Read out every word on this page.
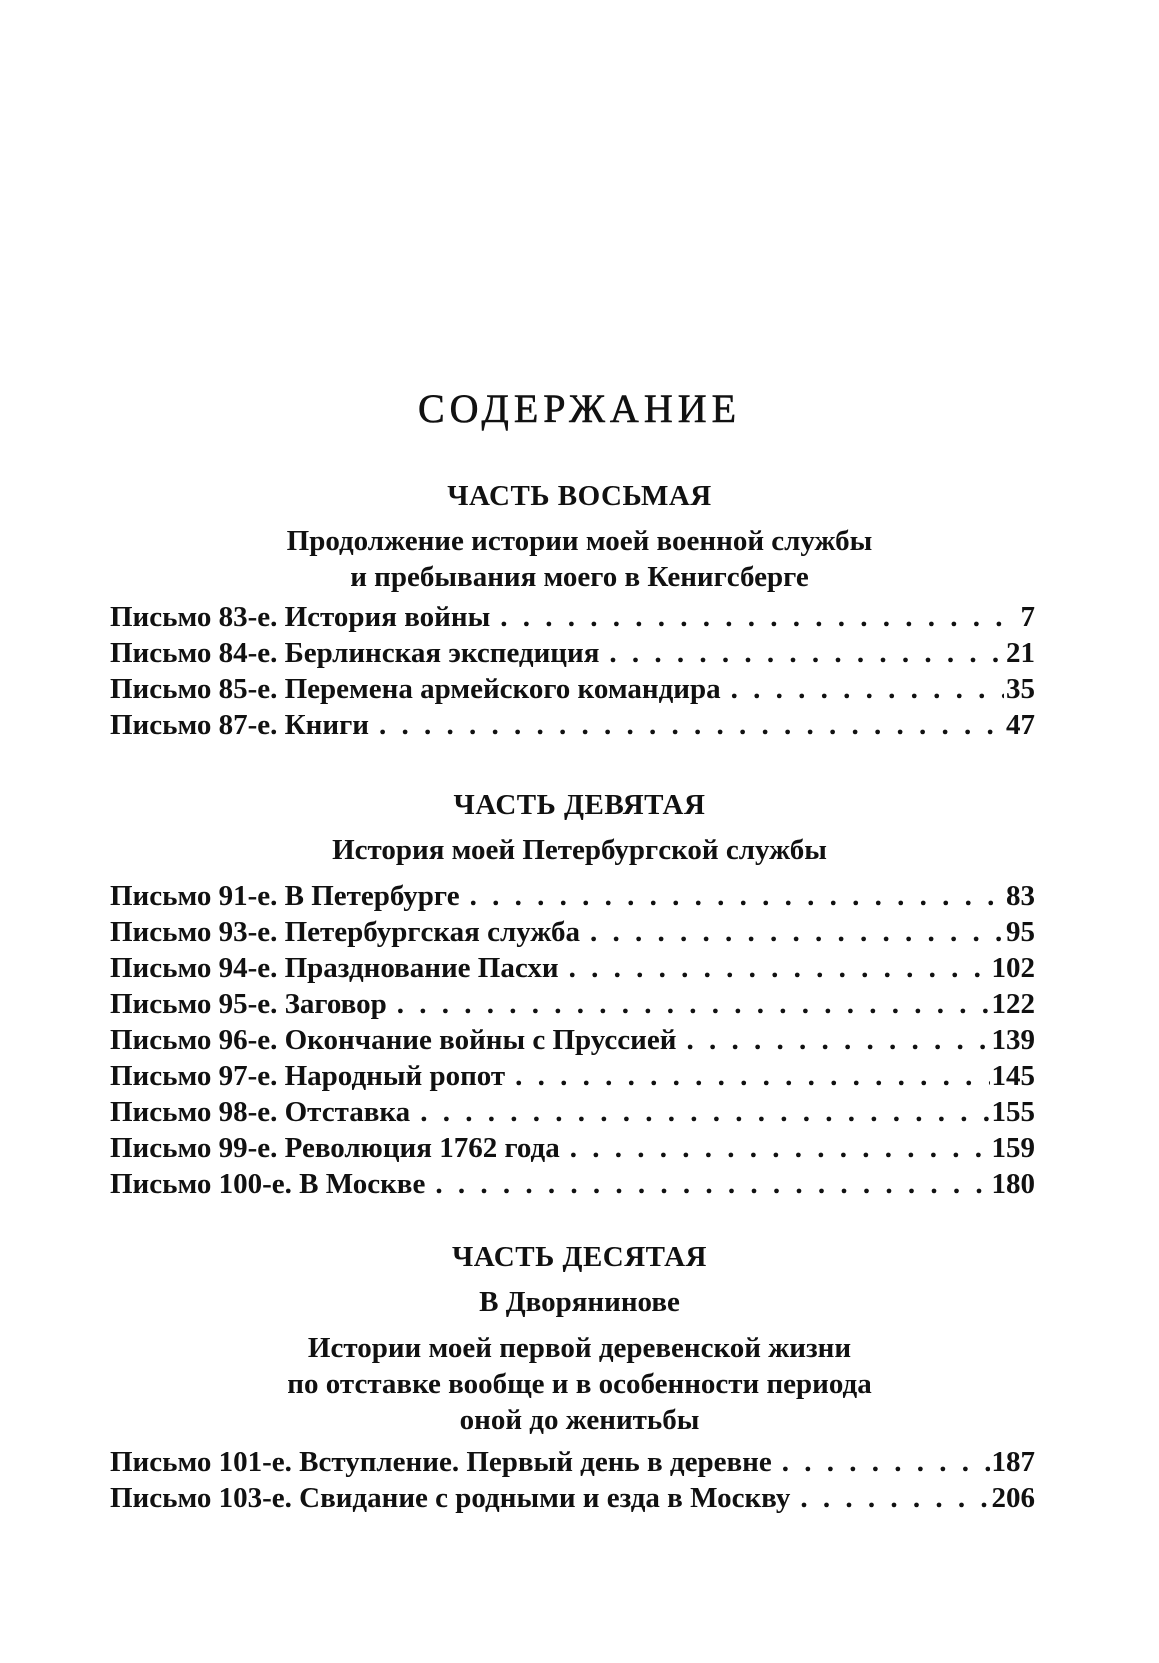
СОДЕРЖАНИЕ
ЧАСТЬ ВОСЬМАЯ
Продолжение истории моей военной службы
и пребывания моего в Кенигсберге
Письмо 83-е. История войны . . .	7
Письмо 84-е. Берлинская экспедиция . . .	21
Письмо 85-е. Перемена армейского командира . . .	35
Письмо 87-е. Книги . . .	47
ЧАСТЬ ДЕВЯТАЯ
История моей Петербургской службы
Письмо 91-е. В Петербурге . . .	83
Письмо 93-е. Петербургская служба . . .	95
Письмо 94-е. Празднование Пасхи . . .	102
Письмо 95-е. Заговор . . .	122
Письмо 96-е. Окончание войны с Пруссией . . .	139
Письмо 97-е. Народный ропот . . .	145
Письмо 98-е. Отставка . . .	155
Письмо 99-е. Революция 1762 года . . .	159
Письмо 100-е. В Москве . . .	180
ЧАСТЬ ДЕСЯТАЯ
В Дворянинове
Истории моей первой деревенской жизни
по отставке вообще и в особенности периода
оной до женитьбы
Письмо 101-е. Вступление. Первый день в деревне . . .	187
Письмо 103-е. Свидание с родными и езда в Москву . . .	206
